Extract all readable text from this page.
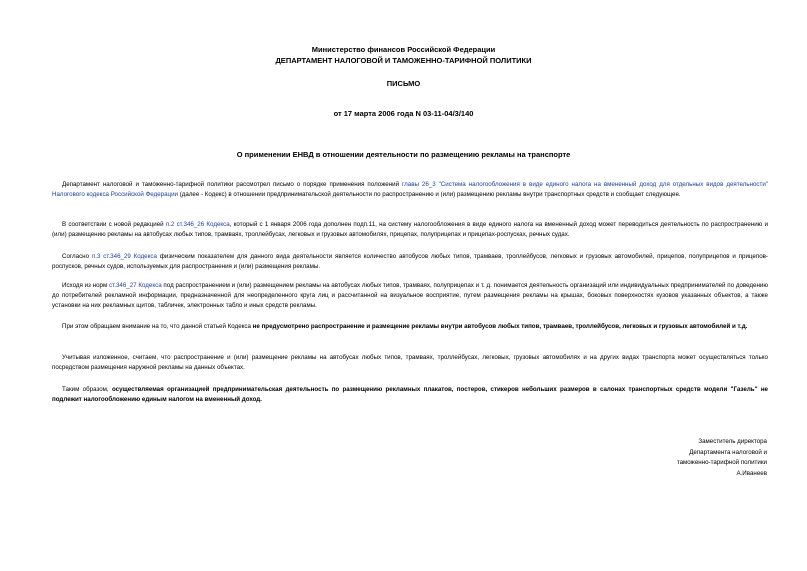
Министерство финансов Российской Федерации
ДЕПАРТАМЕНТ НАЛОГОВОЙ И ТАМОЖЕННО-ТАРИФНОЙ ПОЛИТИКИ
ПИСЬМО
от 17 марта 2006 года N 03-11-04/3/140
О применении ЕНВД в отношении деятельности по размещению рекламы на транспорте
Департамент налоговой и таможенно-тарифной политики рассмотрел письмо о порядке применения положений главы 26_3 "Система налогообложения в виде единого налога на вмененный доход для отдельных видов деятельности" Налогового кодекса Российской Федерации (далее - Кодекс) в отношении предпринимательской деятельности по распространению и (или) размещению рекламы внутри транспортных средств и сообщает следующее.
В соответствии с новой редакцией п.2 ст.346_26 Кодекса, который с 1 января 2006 года дополнен подп.11, на систему налогообложения в виде единого налога на вмененный доход может переводиться деятельность по распространению и (или) размещению рекламы на автобусах любых типов, трамваях, троллейбусах, легковых и грузовых автомобилях, прицепах, полуприцепах и прицепах-роспусках, речных судах.
Согласно п.3 ст.346_29 Кодекса физическим показателем для данного вида деятельности является количество автобусов любых типов, трамваев, троллейбусов, легковых и грузовых автомобилей, прицепов, полуприцепов и прицепов-роспусков, речных судов, используемых для распространения и (или) размещения рекламы.
Исходя из норм ст.346_27 Кодекса под распространением и (или) размещением рекламы на автобусах любых типов, трамваях, полуприцепах и т. д. понимается деятельность организаций или индивидуальных предпринимателей по доведению до потребителей рекламной информации, предназначенной для неопределенного круга лиц и рассчитанной на визуальное восприятие, путем размещения рекламы на крышах, боковых поверхностях кузовов указанных объектов, а также установки на них рекламных щитов, табличек, электронных табло и иных средств рекламы.
При этом обращаем внимание на то, что данной статьей Кодекса не предусмотрено распространение и размещение рекламы внутри автобусов любых типов, трамваев, троллейбусов, легковых и грузовых автомобилей и т.д.
Учитывая изложенное, считаем, что распространение и (или) размещение рекламы на автобусах любых типов, трамваях, троллейбусах, легковых, грузовых автомобилях и на других видах транспорта может осуществляться только посредством размещения наружной рекламы на данных объектах.
Таким образом, осуществляемая организацией предпринимательская деятельность по размещению рекламных плакатов, постеров, стикеров небольших размеров в салонах транспортных средств модели "Газель" не подлежит налогообложению единым налогом на вмененный доход.
Заместитель директора
Департамента налоговой и
таможенно-тарифной политики
А.Иванеев
